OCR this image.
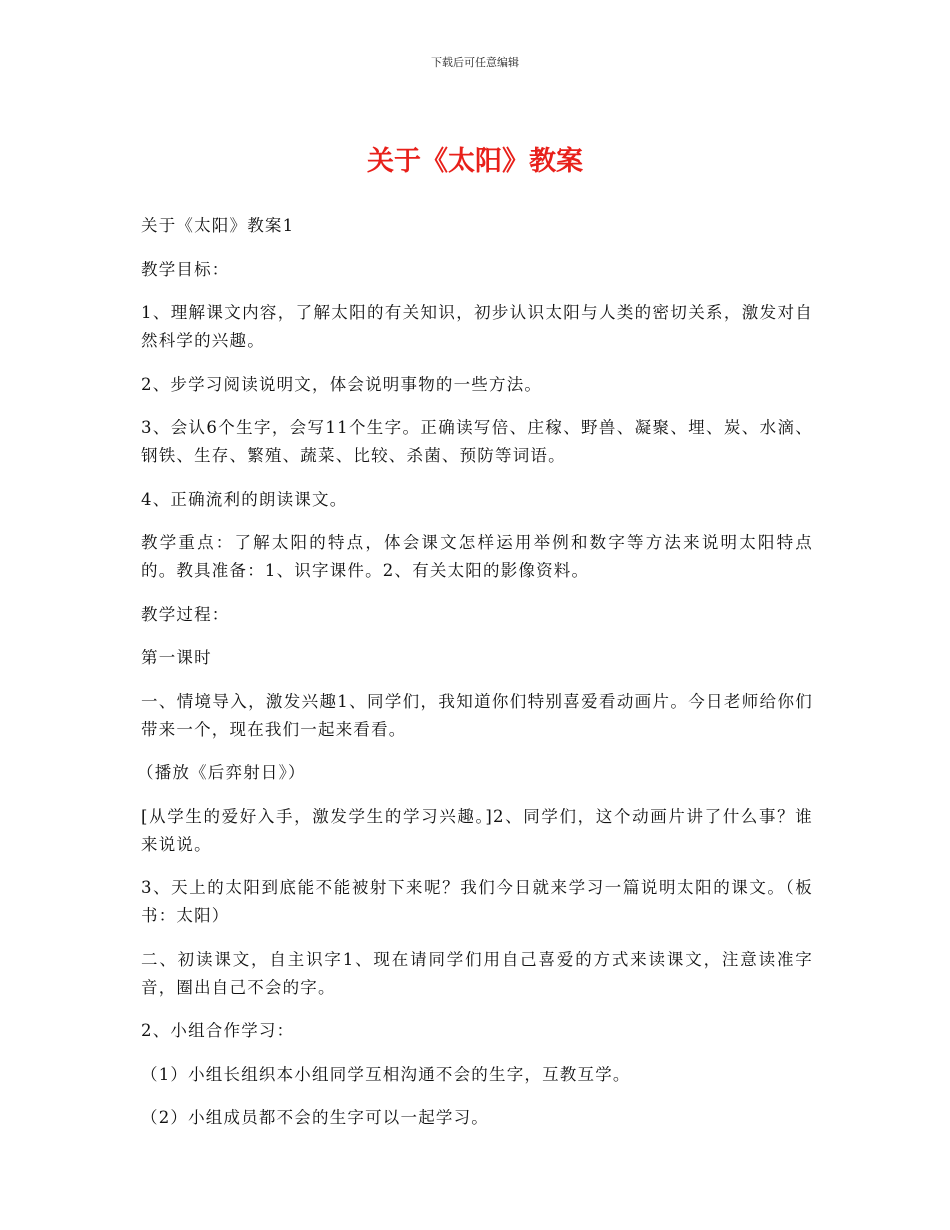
下载后可任意编辑
关于《太阳》教案

关于《太阳》教案1

教学目标：

1、理解课文内容，了解太阳的有关知识，初步认识太阳与人类的密切关系，激发对自然科学的兴趣。

2、步学习阅读说明文，体会说明事物的一些方法。

3、会认6个生字，会写11个生字。正确读写倍、庄稼、野兽、凝聚、埋、炭、水滴、钢铁、生存、繁殖、蔬菜、比较、杀菌、预防等词语。

4、正确流利的朗读课文。

教学重点：了解太阳的特点，体会课文怎样运用举例和数字等方法来说明太阳特点的。教具准备：1、识字课件。2、有关太阳的影像资料。

教学过程：

第一课时

一、情境导入，激发兴趣1、同学们，我知道你们特别喜爱看动画片。今日老师给你们带来一个，现在我们一起来看看。

（播放《后弈射日》）

[从学生的爱好入手，激发学生的学习兴趣。]2、同学们，这个动画片讲了什么事？谁来说说。

3、天上的太阳到底能不能被射下来呢？我们今日就来学习一篇说明太阳的课文。（板书：太阳）

二、初读课文，自主识字1、现在请同学们用自己喜爱的方式来读课文，注意读准字音，圈出自己不会的字。

2、小组合作学习：

（1）小组长组织本小组同学互相沟通不会的生字，互教互学。

（2）小组成员都不会的生字可以一起学习。
